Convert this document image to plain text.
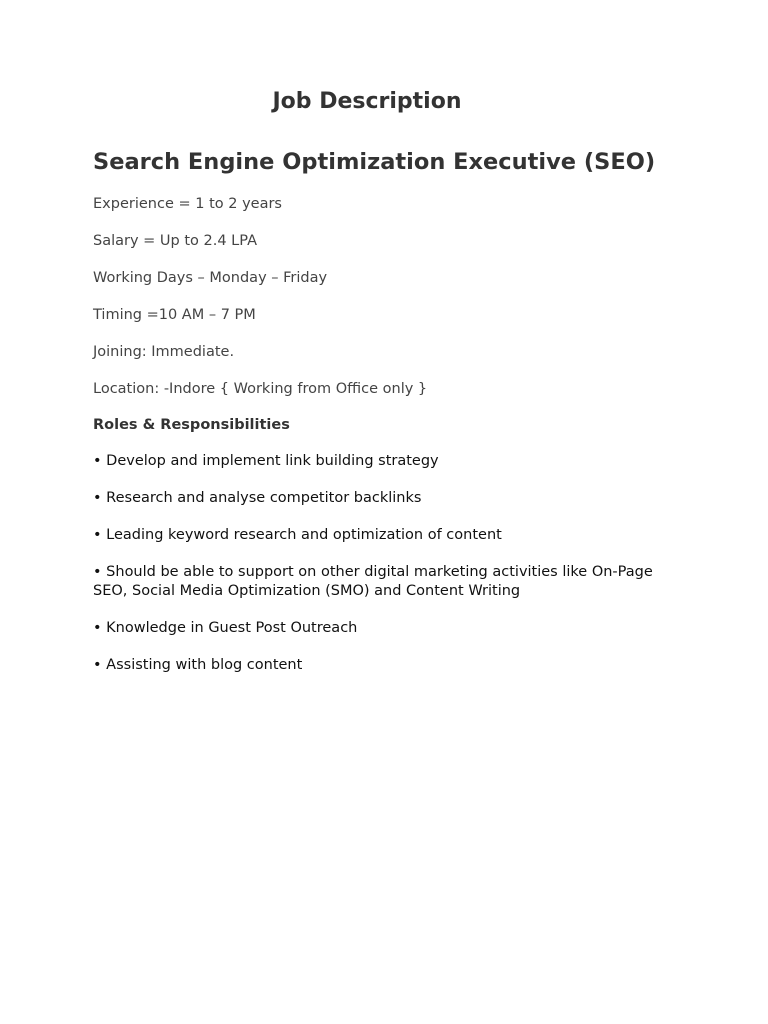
Job Description
Search Engine Optimization Executive (SEO)
Experience = 1 to 2 years
Salary = Up to 2.4 LPA
Working Days – Monday – Friday
Timing =10 AM – 7 PM
Joining: Immediate.
Location: -Indore { Working from Office only }
Roles & Responsibilities
• Develop and implement link building strategy
• Research and analyse competitor backlinks
• Leading keyword research and optimization of content
• Should be able to support on other digital marketing activities like On-Page SEO, Social Media Optimization (SMO) and Content Writing
• Knowledge in Guest Post Outreach
• Assisting with blog content
